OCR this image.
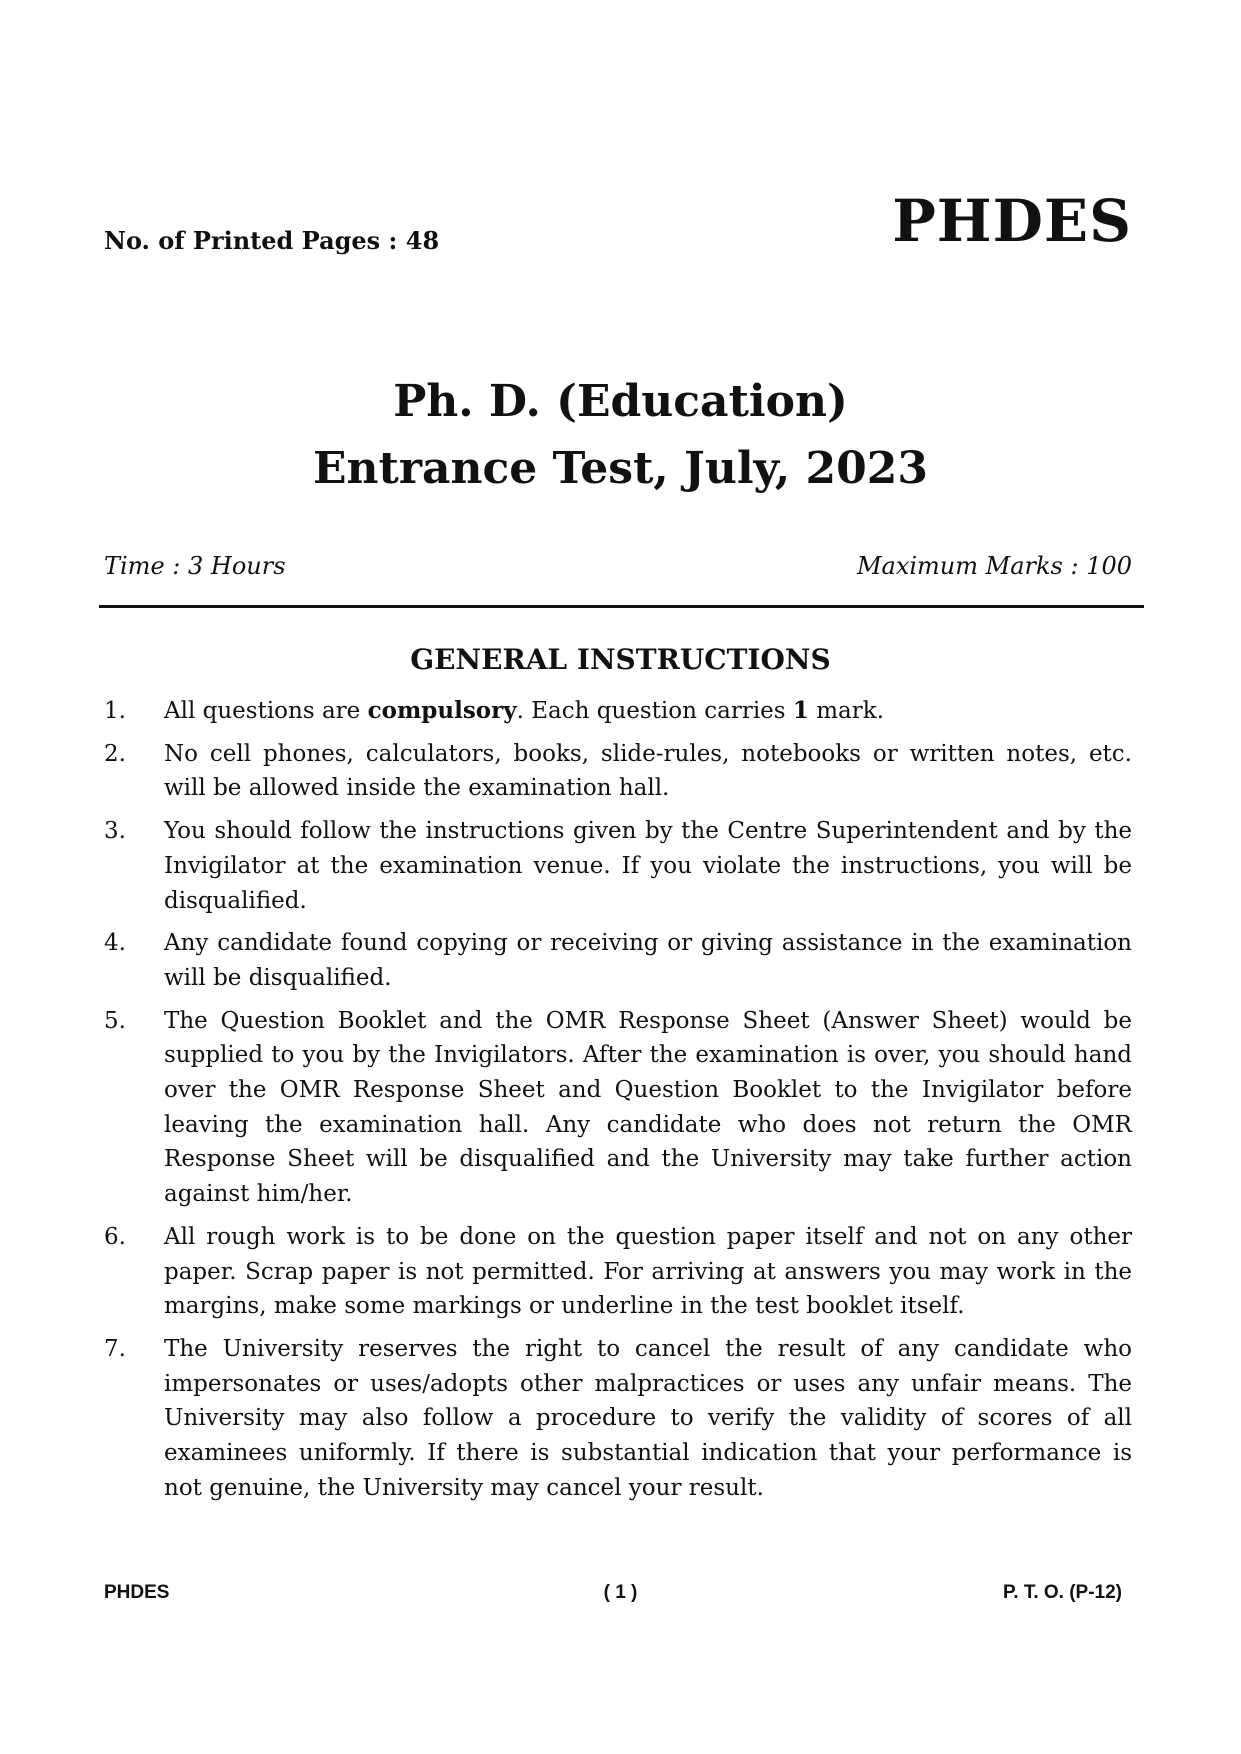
No. of Printed Pages : 48	PHDES
Ph. D. (Education)
Entrance Test, July, 2023
Time : 3 Hours	Maximum Marks : 100
GENERAL INSTRUCTIONS
1. All questions are compulsory. Each question carries 1 mark.
2. No cell phones, calculators, books, slide-rules, notebooks or written notes, etc. will be allowed inside the examination hall.
3. You should follow the instructions given by the Centre Superintendent and by the Invigilator at the examination venue. If you violate the instructions, you will be disqualified.
4. Any candidate found copying or receiving or giving assistance in the examination will be disqualified.
5. The Question Booklet and the OMR Response Sheet (Answer Sheet) would be supplied to you by the Invigilators. After the examination is over, you should hand over the OMR Response Sheet and Question Booklet to the Invigilator before leaving the examination hall. Any candidate who does not return the OMR Response Sheet will be disqualified and the University may take further action against him/her.
6. All rough work is to be done on the question paper itself and not on any other paper. Scrap paper is not permitted. For arriving at answers you may work in the margins, make some markings or underline in the test booklet itself.
7. The University reserves the right to cancel the result of any candidate who impersonates or uses/adopts other malpractices or uses any unfair means. The University may also follow a procedure to verify the validity of scores of all examinees uniformly. If there is substantial indication that your performance is not genuine, the University may cancel your result.
PHDES	( 1 )	P. T. O. (P-12)
